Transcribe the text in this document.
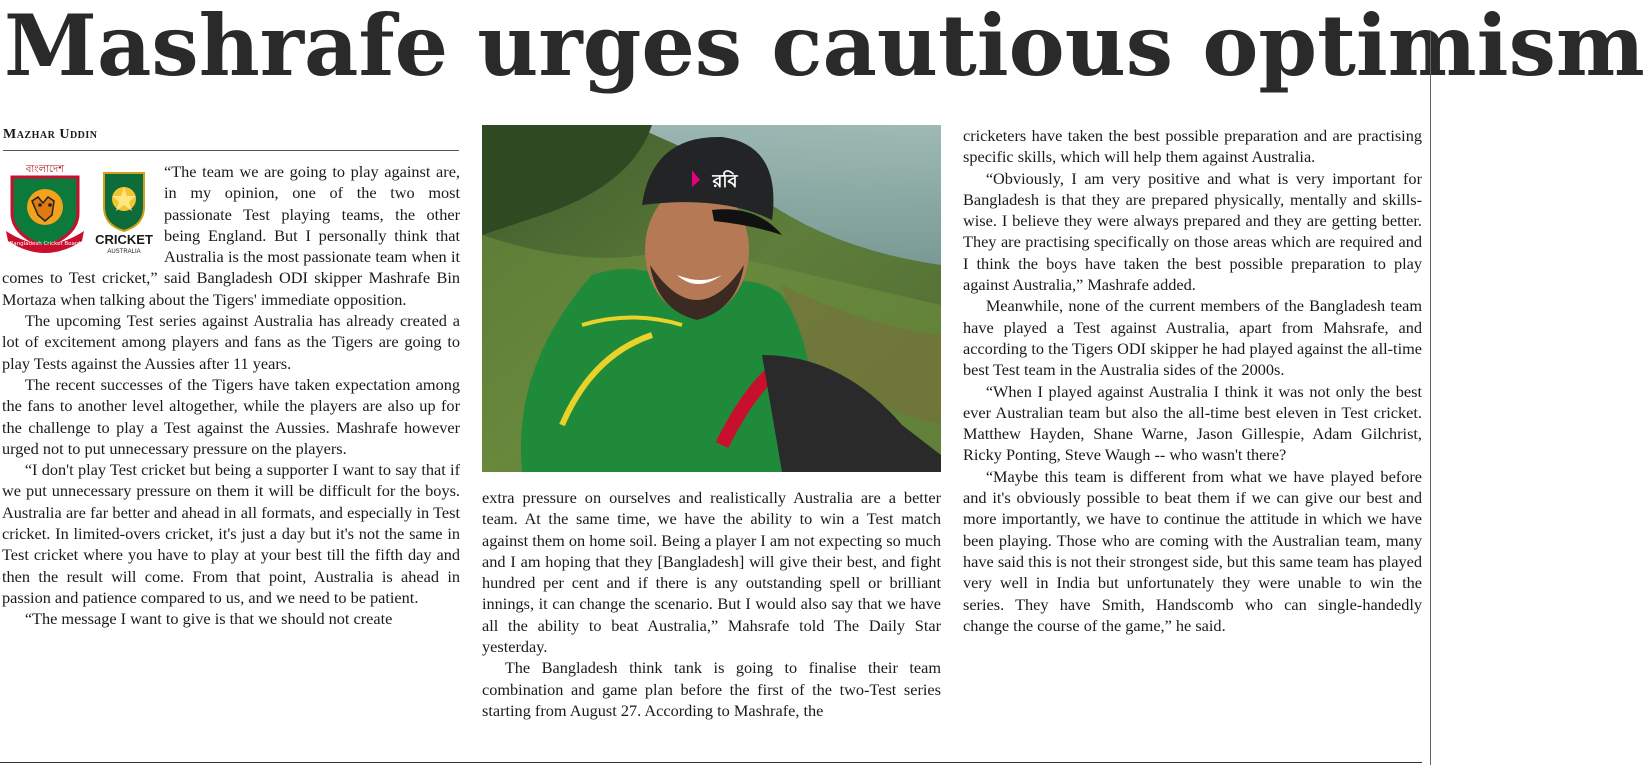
Mashrafe urges cautious optimism
Mazhar Uddin
বাংলাদেশ
Bangladesh Cricket Board CRICKET
AUSTRALIA

“The team we are going to play against are, in my opinion, one of the two most passionate Test playing teams, the other being England. But I personally think that Australia is the most passionate team when it comes to Test cricket,” said Bangladesh ODI skipper Mashrafe Bin Mortaza when talking about the Tigers' immediate opposition.

The upcoming Test series against Australia has already created a lot of excitement among players and fans as the Tigers are going to play Tests against the Aussies after 11 years.

The recent successes of the Tigers have taken expectation among the fans to another level altogether, while the players are also up for the challenge to play a Test against the Aussies. Mashrafe however urged not to put unnecessary pressure on the players.

“I don't play Test cricket but being a supporter I want to say that if we put unnecessary pressure on them it will be difficult for the boys. Australia are far better and ahead in all formats, and especially in Test cricket. In limited-overs cricket, it's just a day but it's not the same in Test cricket where you have to play at your best till the fifth day and then the result will come. From that point, Australia is ahead in passion and patience compared to us, and we need to be patient.

“The message I want to give is that we should not create

রবি

extra pressure on ourselves and realistically Australia are a better team. At the same time, we have the ability to win a Test match against them on home soil. Being a player I am not expecting so much and I am hoping that they [Bangladesh] will give their best, and fight hundred per cent and if there is any outstanding spell or brilliant innings, it can change the scenario. But I would also say that we have all the ability to beat Australia,” Mahsrafe told The Daily Star yesterday.

The Bangladesh think tank is going to finalise their team combination and game plan before the first of the two-Test series starting from August 27. According to Mashrafe, the

cricketers have taken the best possible preparation and are practising specific skills, which will help them against Australia.

“Obviously, I am very positive and what is very important for Bangladesh is that they are prepared physically, mentally and skills-wise. I believe they were always prepared and they are getting better. They are practising specifically on those areas which are required and I think the boys have taken the best possible preparation to play against Australia,” Mashrafe added.

Meanwhile, none of the current members of the Bangladesh team have played a Test against Australia, apart from Mahsrafe, and according to the Tigers ODI skipper he had played against the all-time best Test team in the Australia sides of the 2000s.

“When I played against Australia I think it was not only the best ever Australian team but also the all-time best eleven in Test cricket. Matthew Hayden, Shane Warne, Jason Gillespie, Adam Gilchrist, Ricky Ponting, Steve Waugh -- who wasn't there?

“Maybe this team is different from what we have played before and it's obviously possible to beat them if we can give our best and more importantly, we have to continue the attitude in which we have been playing. Those who are coming with the Australian team, many have said this is not their strongest side, but this same team has played very well in India but unfortunately they were unable to win the series. They have Smith, Handscomb who can single-handedly change the course of the game,” he said.
